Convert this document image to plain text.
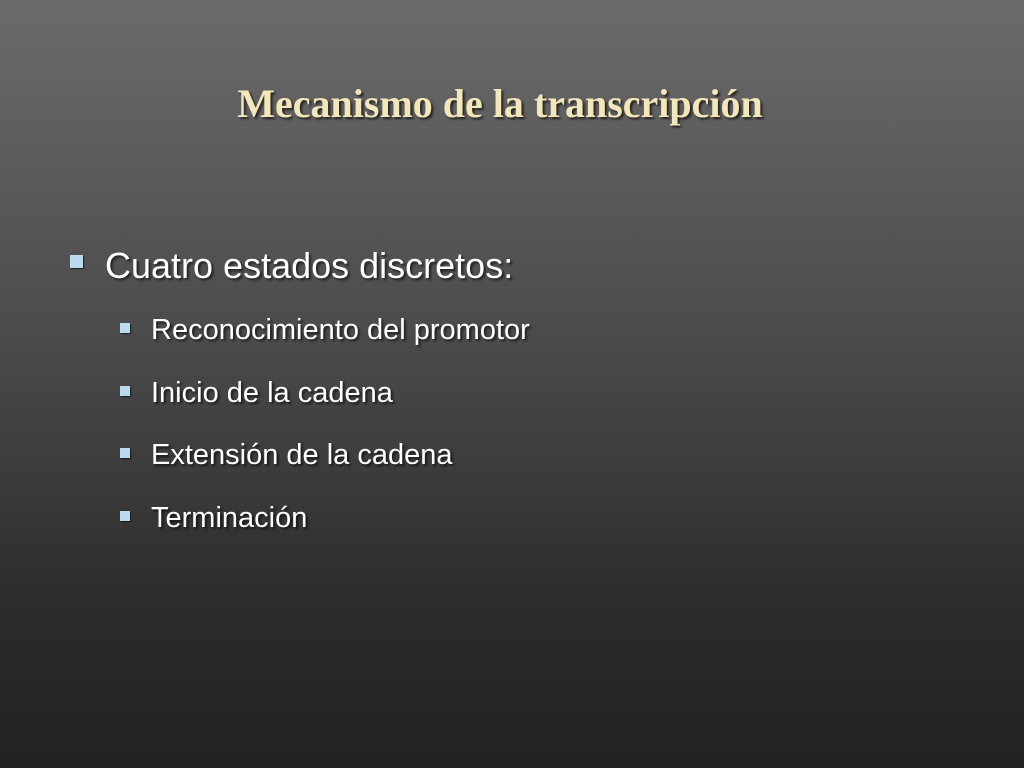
Mecanismo de la transcripción
Cuatro estados discretos:
Reconocimiento del promotor
Inicio de la cadena
Extensión de la cadena
Terminación
